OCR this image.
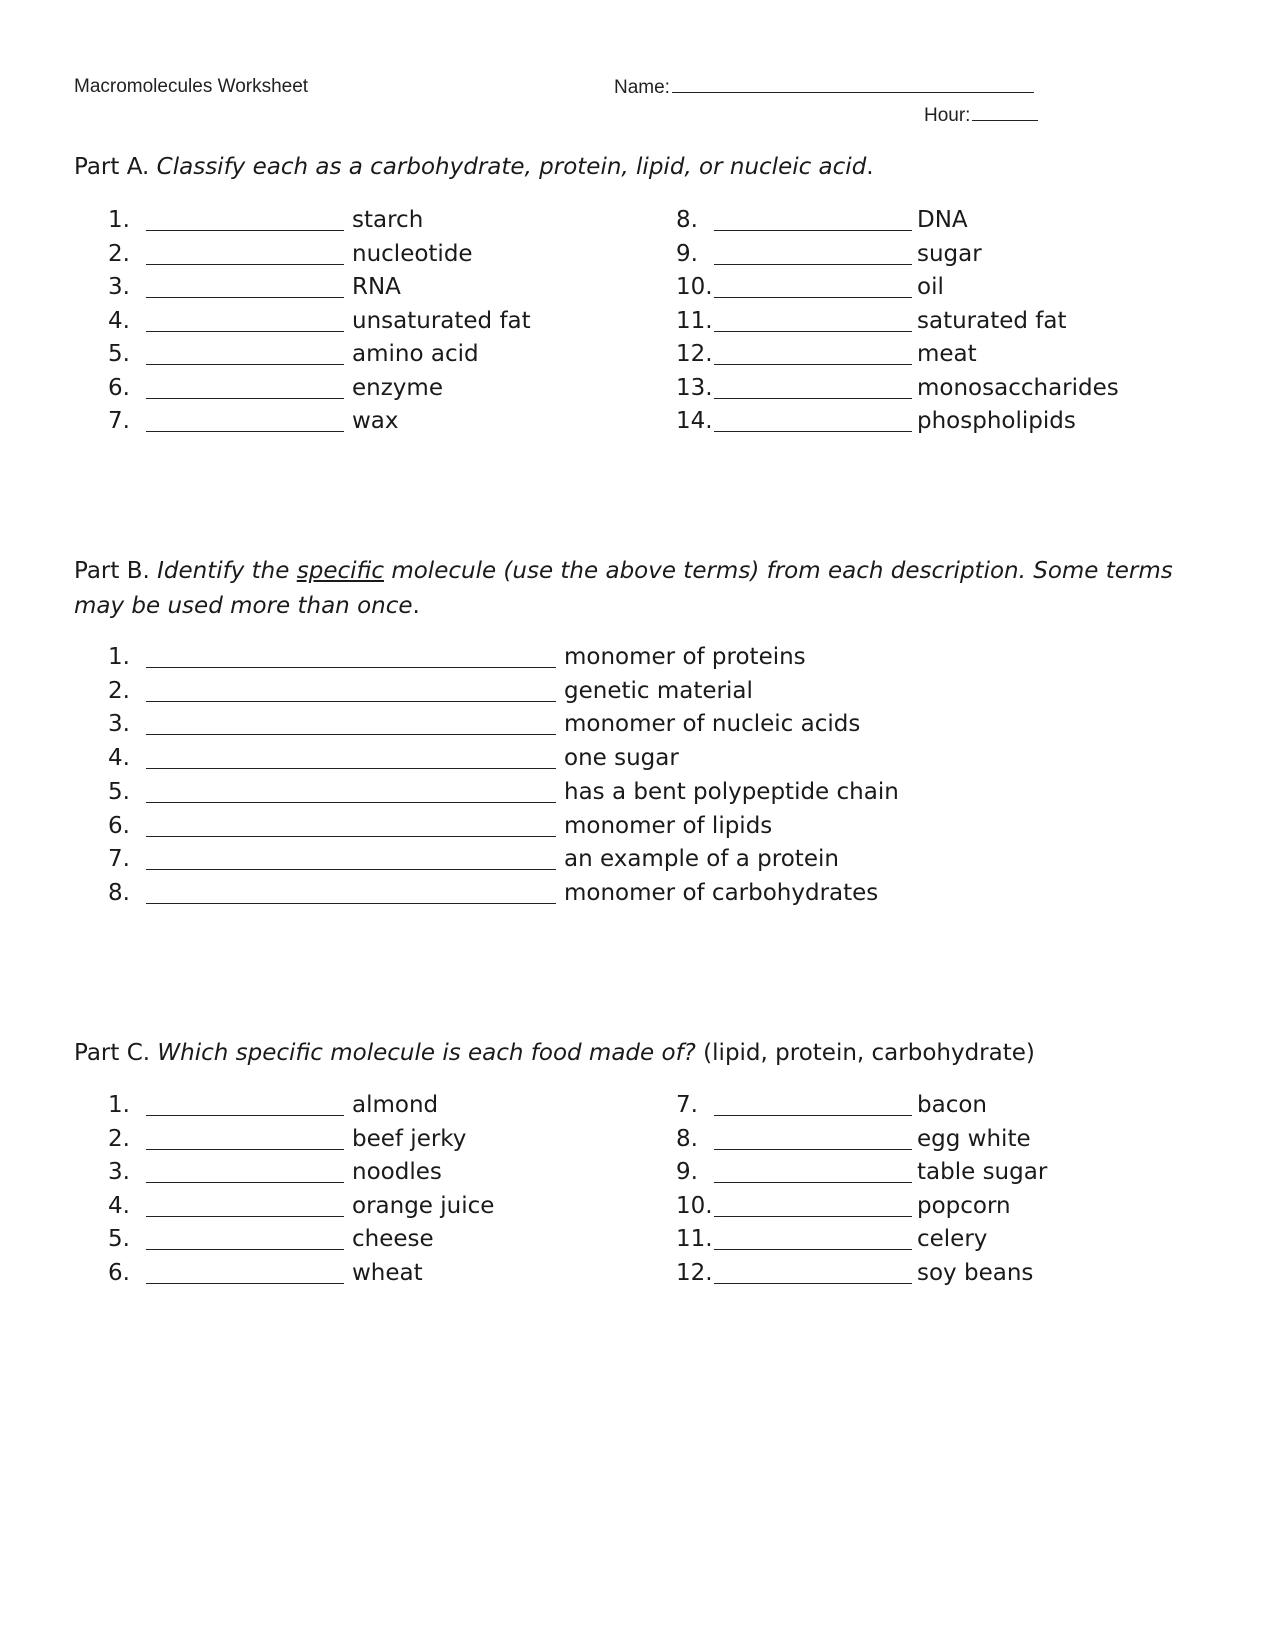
Macromolecules Worksheet	Name:
Hour:
Part A. Classify each as a carbohydrate, protein, lipid, or nucleic acid.
1.	starch
2.	nucleotide
3.	RNA
4.	unsaturated fat
5.	amino acid
6.	enzyme
7.	wax
8.	DNA
9.	sugar
10.	oil
11.	saturated fat
12.	meat
13.	monosaccharides
14.	phospholipids
Part B. Identify the specific molecule (use the above terms) from each description. Some terms may be used more than once.
1.	monomer of proteins
2.	genetic material
3.	monomer of nucleic acids
4.	one sugar
5.	has a bent polypeptide chain
6.	monomer of lipids
7.	an example of a protein
8.	monomer of carbohydrates
Part C. Which specific molecule is each food made of? (lipid, protein, carbohydrate)
1.	almond
2.	beef jerky
3.	noodles
4.	orange juice
5.	cheese
6.	wheat
7.	bacon
8.	egg white
9.	table sugar
10.	popcorn
11.	celery
12.	soy beans
